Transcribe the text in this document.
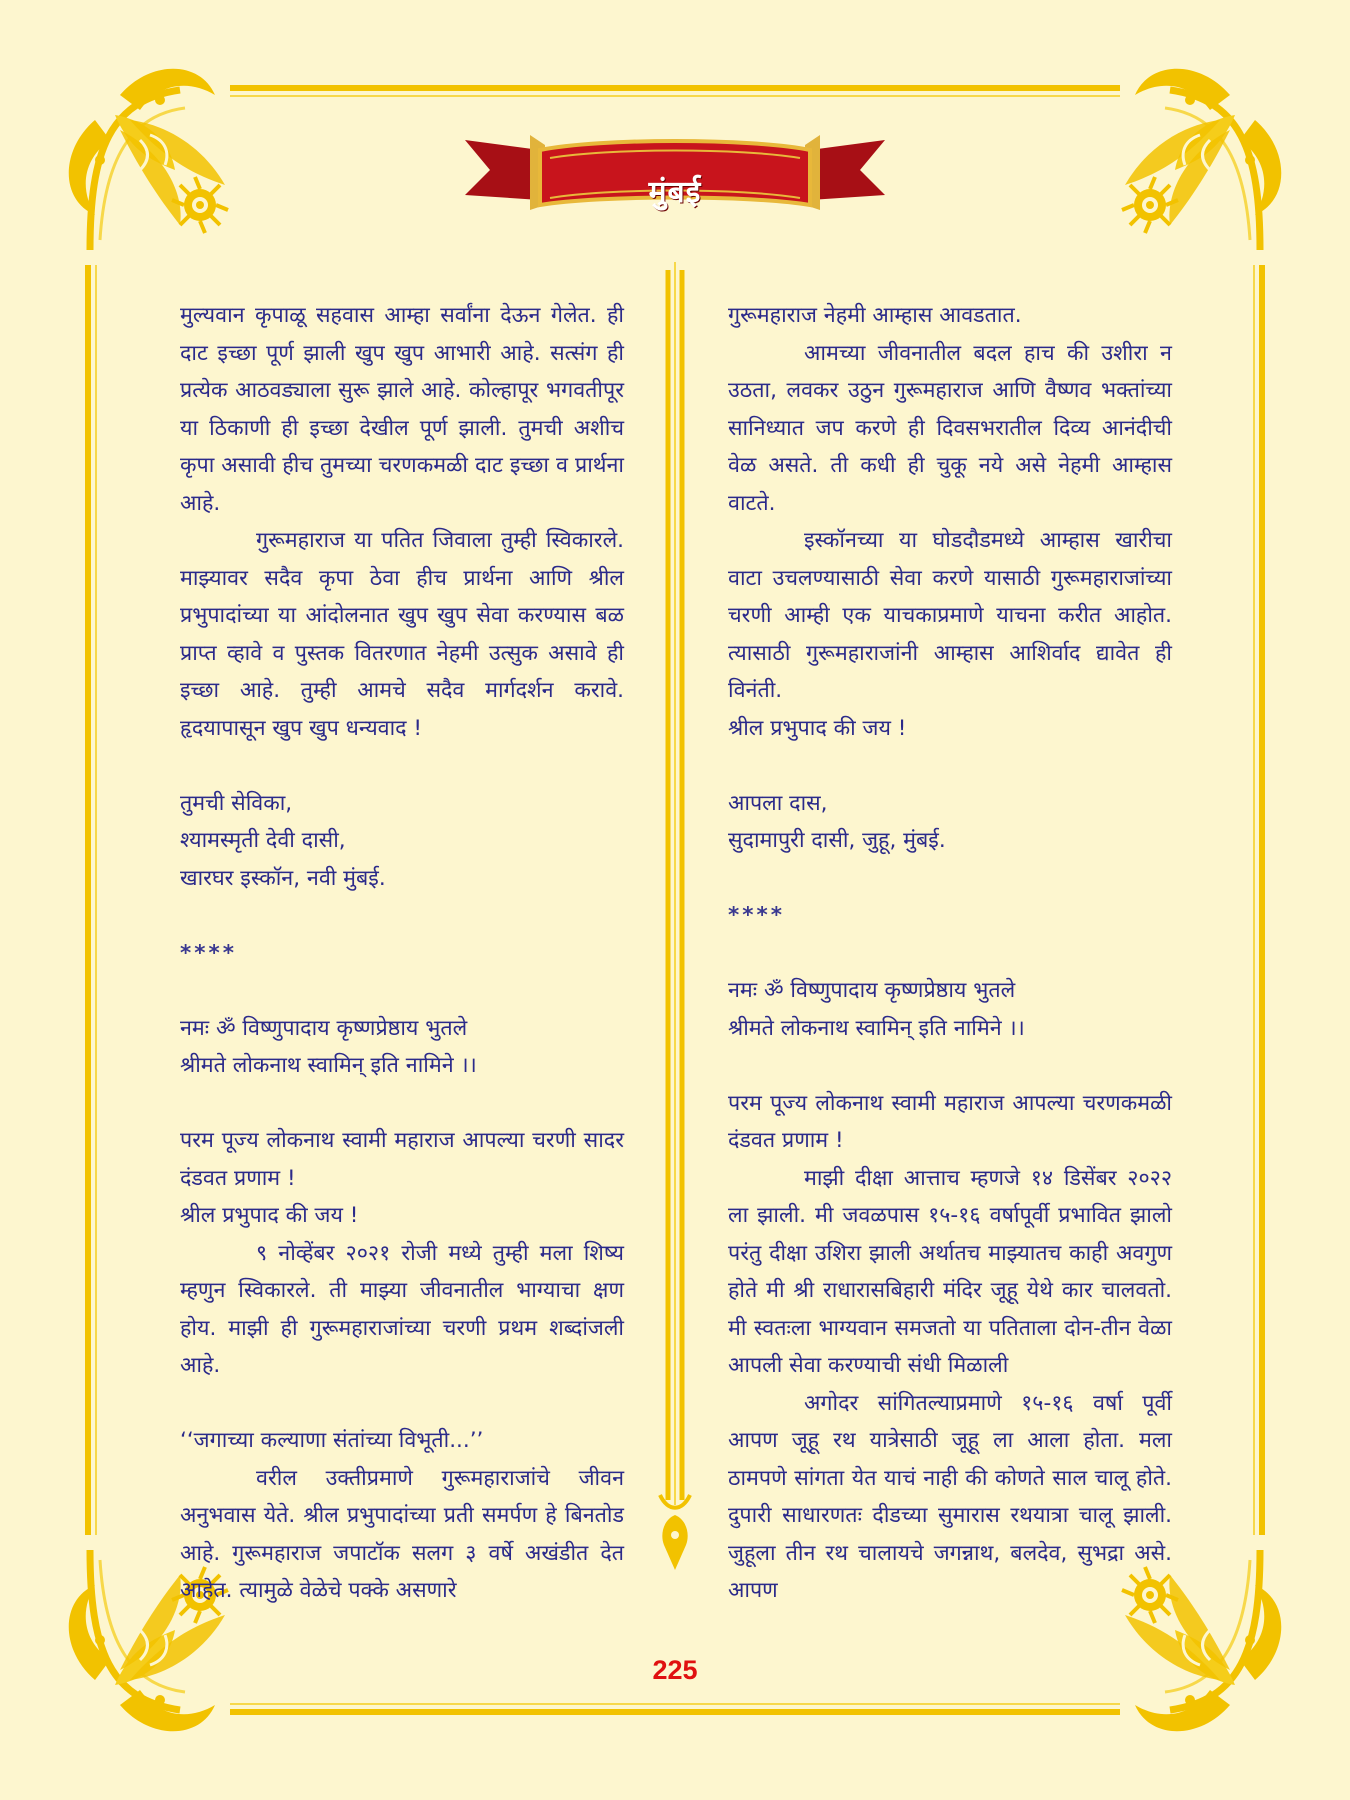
मुंबई

मुल्यवान कृपाळू सहवास आम्हा सर्वांना देऊन गेलेत. ही दाट इच्छा पूर्ण झाली खुप खुप आभारी आहे. सत्संग ही प्रत्येक आठवड्याला सुरू झाले आहे. कोल्हापूर भगवतीपूर या ठिकाणी ही इच्छा देखील पूर्ण झाली. तुमची अशीच कृपा असावी हीच तुमच्या चरणकमळी दाट इच्छा व प्रार्थना आहे.

गुरूमहाराज या पतित जिवाला तुम्ही स्विकारले. माझ्यावर सदैव कृपा ठेवा हीच प्रार्थना आणि श्रील प्रभुपादांच्या या आंदोलनात खुप खुप सेवा करण्यास बळ प्राप्त व्हावे व पुस्तक वितरणात नेहमी उत्सुक असावे ही इच्छा आहे. तुम्ही आमचे सदैव मार्गदर्शन करावे. हृदयापासून खुप खुप धन्यवाद !

तुमची सेविका,

श्यामस्मृती देवी दासी,

खारघर इस्कॉन, नवी मुंबई.

****

नमः ॐ विष्णुपादाय कृष्णप्रेष्ठाय भुतले

श्रीमते लोकनाथ स्वामिन् इति नामिने ।।

परम पूज्य लोकनाथ स्वामी महाराज आपल्या चरणी सादर दंडवत प्रणाम !

श्रील प्रभुपाद की जय !

९ नोव्हेंबर २०२१ रोजी मध्ये तुम्ही मला शिष्य म्हणुन स्विकारले. ती माझ्या जीवनातील भाग्याचा क्षण होय. माझी ही गुरूमहाराजांच्या चरणी प्रथम शब्दांजली आहे.

‘‘जगाच्या कल्याणा संतांच्या विभूती...’’

वरील उक्तीप्रमाणे गुरूमहाराजांचे जीवन अनुभवास येते. श्रील प्रभुपादांच्या प्रती समर्पण हे बिनतोड आहे. गुरूमहाराज जपाटॉक सलग ३ वर्षे अखंडीत देत आहेत. त्यामुळे वेळेचे पक्के असणारे

गुरूमहाराज नेहमी आम्हास आवडतात.

आमच्या जीवनातील बदल हाच की उशीरा न उठता, लवकर उठुन गुरूमहाराज आणि वैष्णव भक्तांच्या सानिध्यात जप करणे ही दिवसभरातील दिव्य आनंदीची वेळ असते. ती कधी ही चुकू नये असे नेहमी आम्हास वाटते.

इस्कॉनच्या या घोडदौडमध्ये आम्हास खारीचा वाटा उचलण्यासाठी सेवा करणे यासाठी गुरूमहाराजांच्या चरणी आम्ही एक याचकाप्रमाणे याचना करीत आहोत. त्यासाठी गुरूमहाराजांनी आम्हास आशिर्वाद द्यावेत ही विनंती.

श्रील प्रभुपाद की जय !

आपला दास,

सुदामापुरी दासी, जुहू, मुंबई.

****

नमः ॐ विष्णुपादाय कृष्णप्रेष्ठाय भुतले

श्रीमते लोकनाथ स्वामिन् इति नामिने ।।

परम पूज्य लोकनाथ स्वामी महाराज आपल्या चरणकमळी दंडवत प्रणाम !

माझी दीक्षा आत्ताच म्हणजे १४ डिसेंबर २०२२ ला झाली. मी जवळपास १५-१६ वर्षापूर्वी प्रभावित झालो परंतु दीक्षा उशिरा झाली अर्थातच माझ्यातच काही अवगुण होते मी श्री राधारासबिहारी मंदिर जूहू येथे कार चालवतो. मी स्वतःला भाग्यवान समजतो या पतिताला दोन-तीन वेळा आपली सेवा करण्याची संधी मिळाली

अगोदर सांगितल्याप्रमाणे १५-१६ वर्षा पूर्वी आपण जूहू रथ यात्रेसाठी जूहू ला आला होता. मला ठामपणे सांगता येत याचं नाही की कोणते साल चालू होते. दुपारी साधारणतः दीडच्या सुमारास रथयात्रा चालू झाली. जुहूला तीन रथ चालायचे जगन्नाथ, बलदेव, सुभद्रा असे. आपण

225
